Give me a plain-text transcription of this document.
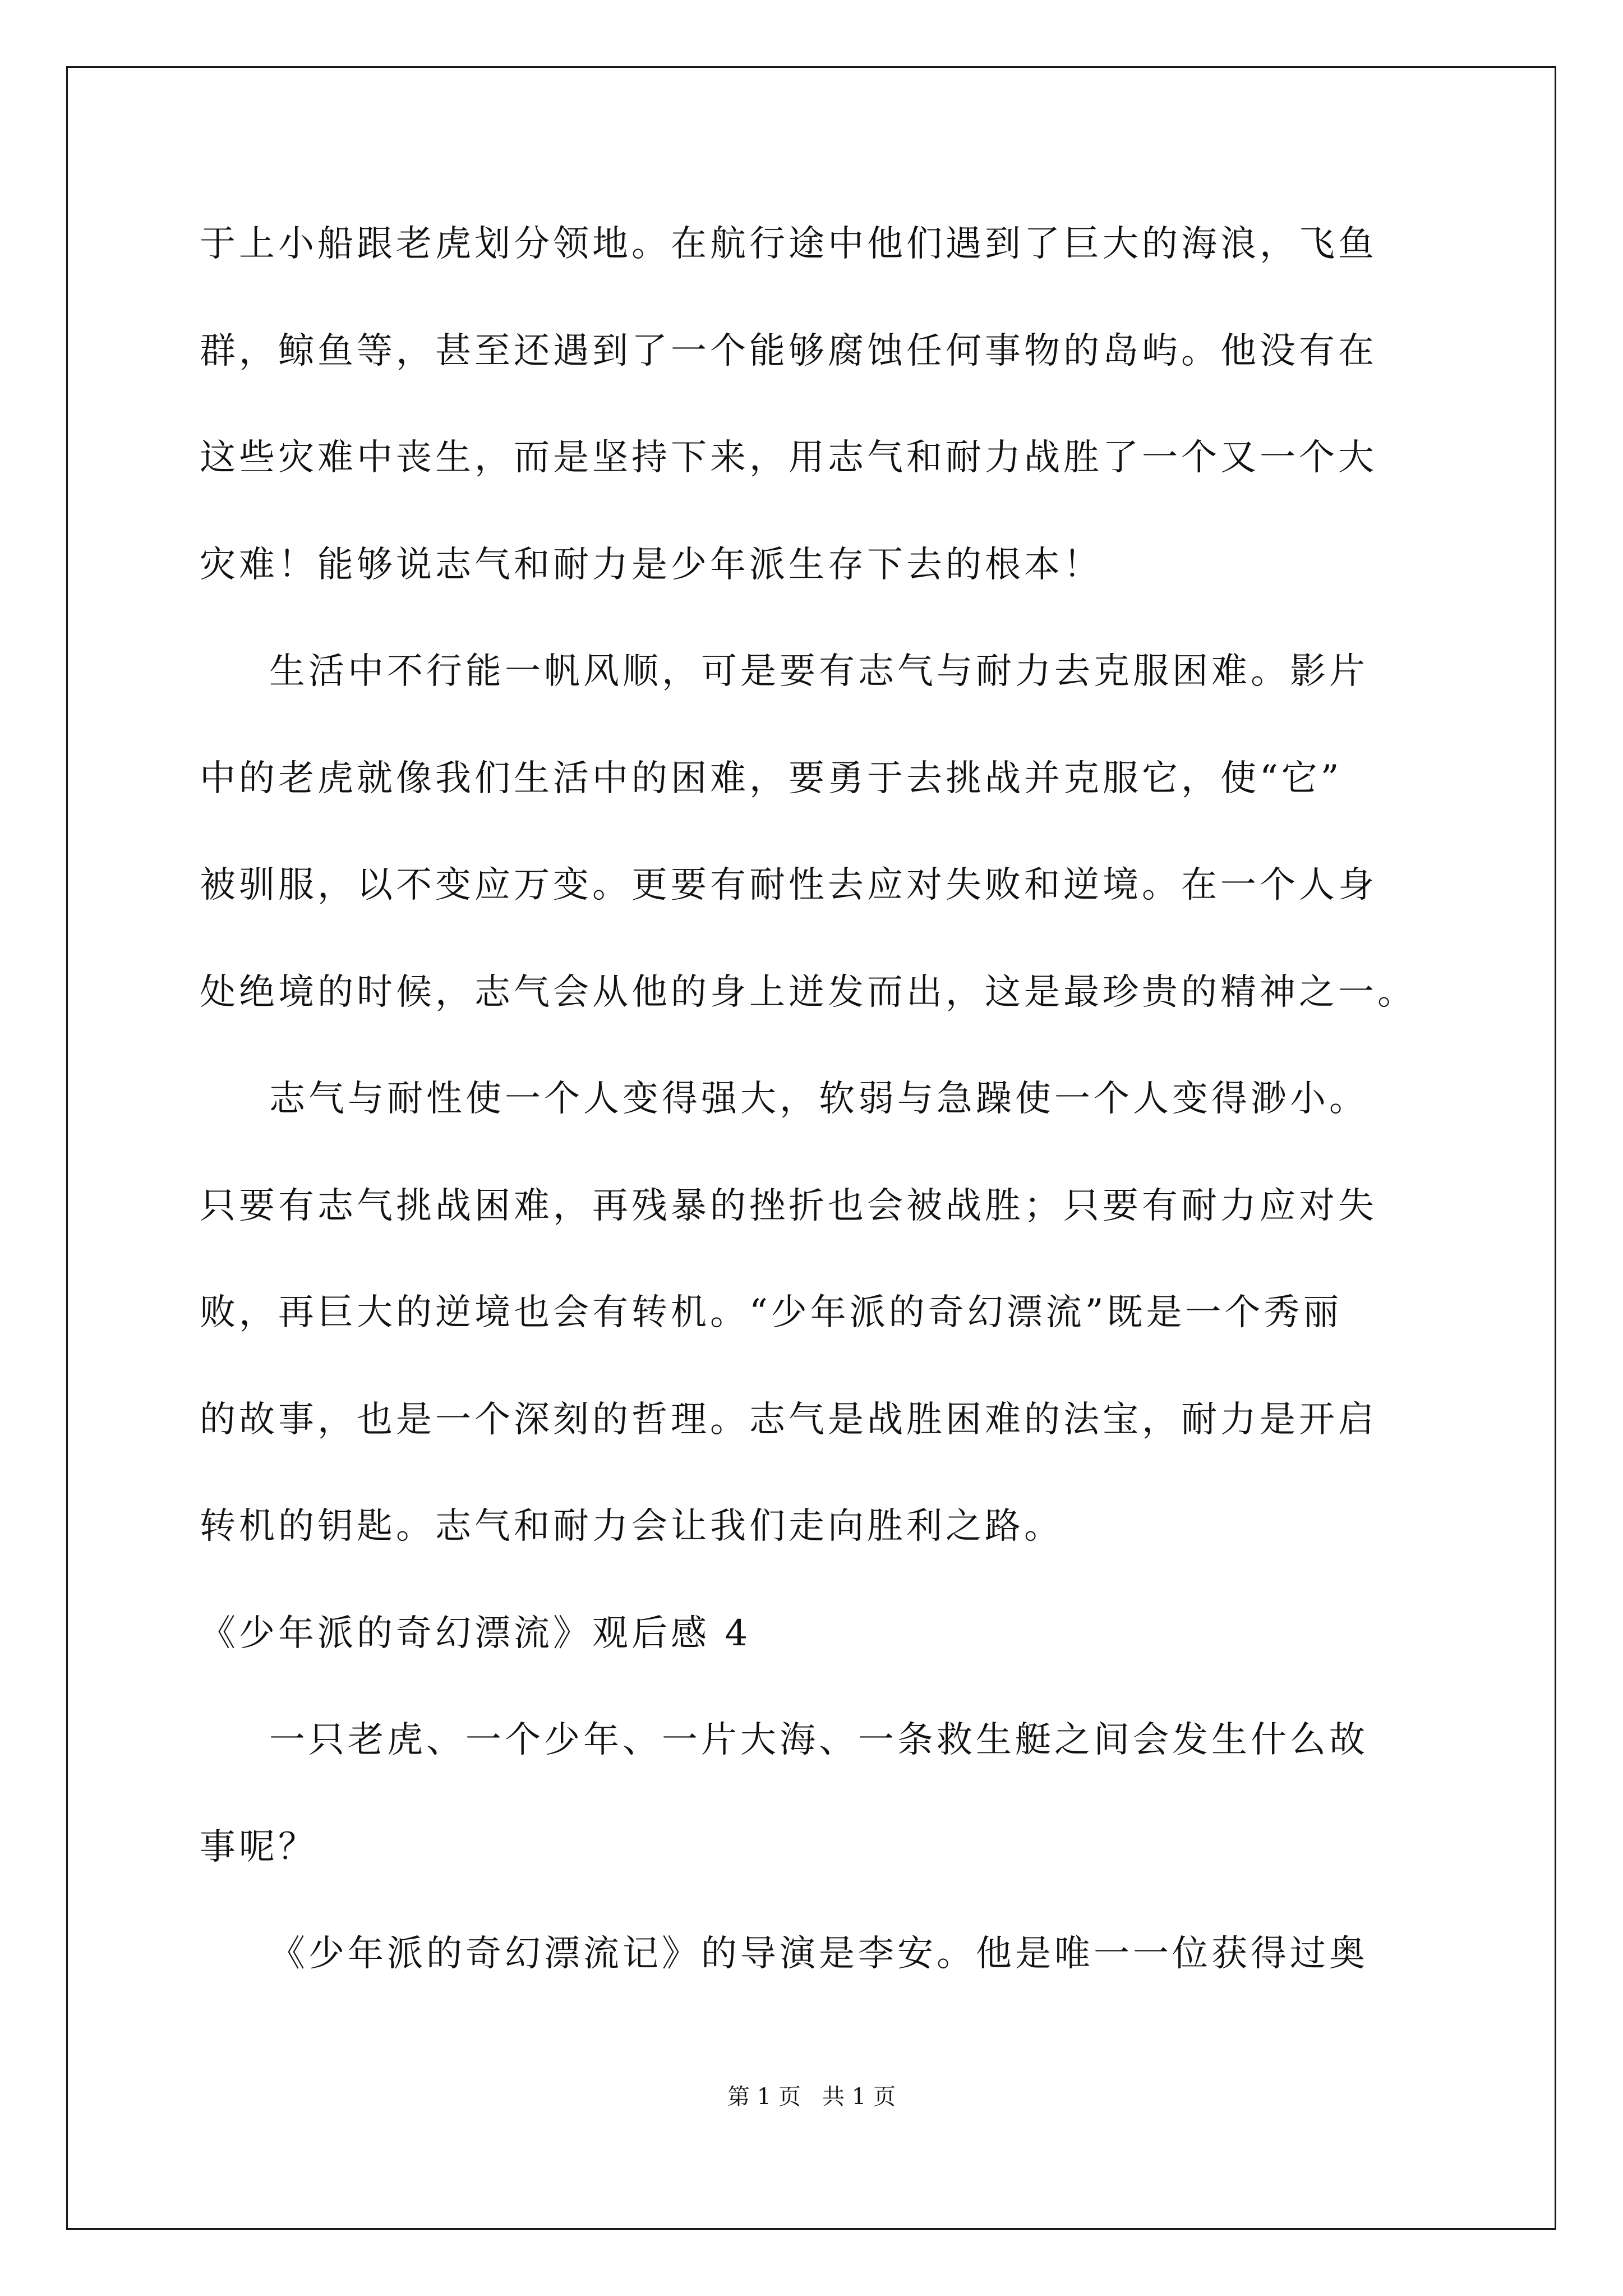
于上小船跟老虎划分领地。在航行途中他们遇到了巨大的海浪，飞鱼

群，鲸鱼等，甚至还遇到了一个能够腐蚀任何事物的岛屿。他没有在

这些灾难中丧生，而是坚持下来，用志气和耐力战胜了一个又一个大

灾难！能够说志气和耐力是少年派生存下去的根本！

生活中不行能一帆风顺，可是要有志气与耐力去克服困难。影片

中的老虎就像我们生活中的困难，要勇于去挑战并克服它，使“它”

被驯服，以不变应万变。更要有耐性去应对失败和逆境。在一个人身

处绝境的时候，志气会从他的身上迸发而出，这是最珍贵的精神之一。

志气与耐性使一个人变得强大，软弱与急躁使一个人变得渺小。

只要有志气挑战困难，再残暴的挫折也会被战胜；只要有耐力应对失

败，再巨大的逆境也会有转机。“少年派的奇幻漂流”既是一个秀丽

的故事，也是一个深刻的哲理。志气是战胜困难的法宝，耐力是开启

转机的钥匙。志气和耐力会让我们走向胜利之路。

《少年派的奇幻漂流》观后感 4

一只老虎、一个少年、一片大海、一条救生艇之间会发生什么故

事呢？

《少年派的奇幻漂流记》的导演是李安。他是唯一一位获得过奥

第 1 页   共 1 页
